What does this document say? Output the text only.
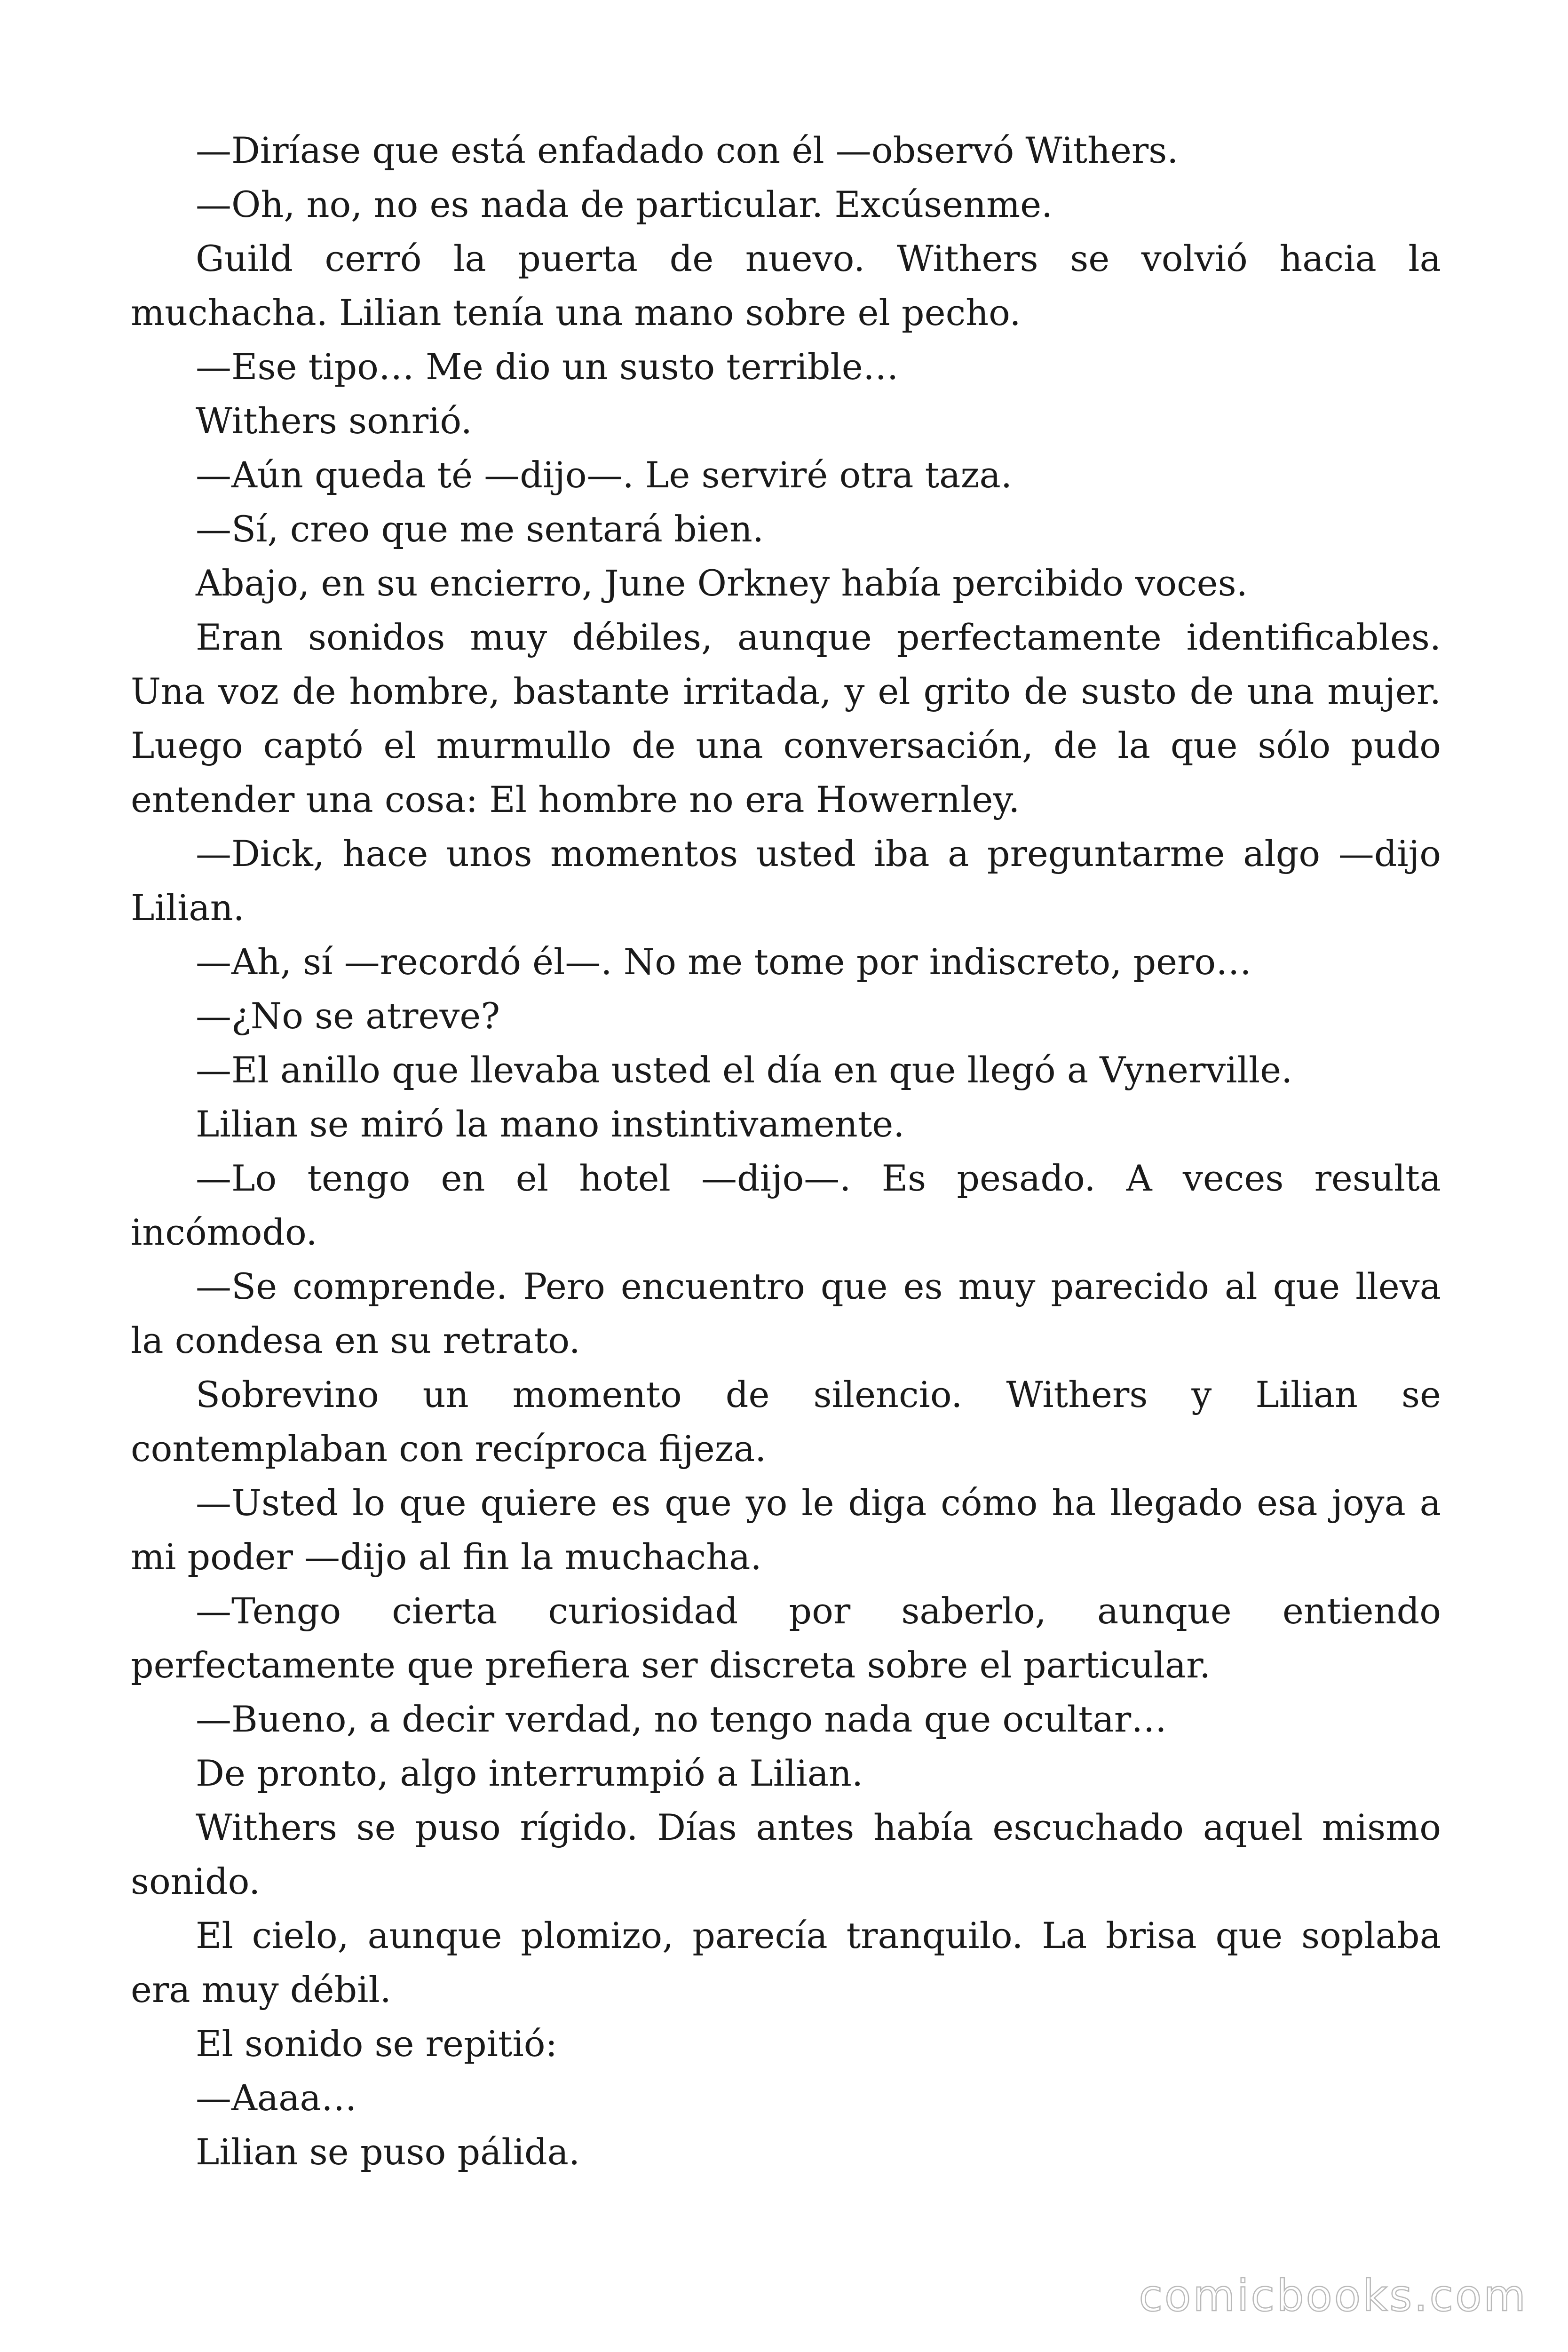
—Diríase que está enfadado con él —observó Withers.

—Oh, no, no es nada de particular. Excúsenme.

Guild cerró la puerta de nuevo. Withers se volvió hacia la muchacha. Lilian tenía una mano sobre el pecho.

—Ese tipo… Me dio un susto terrible…

Withers sonrió.

—Aún queda té —dijo—. Le serviré otra taza.

—Sí, creo que me sentará bien.

Abajo, en su encierro, June Orkney había percibido voces.

Eran sonidos muy débiles, aunque perfectamente identificables. Una voz de hombre, bastante irritada, y el grito de susto de una mujer. Luego captó el murmullo de una conversación, de la que sólo pudo entender una cosa: El hombre no era Howernley.

—Dick, hace unos momentos usted iba a preguntarme algo —dijo Lilian.

—Ah, sí —recordó él—. No me tome por indiscreto, pero…

—¿No se atreve?

—El anillo que llevaba usted el día en que llegó a Vynerville.

Lilian se miró la mano instintivamente.

—Lo tengo en el hotel —dijo—. Es pesado. A veces resulta incómodo.

—Se comprende. Pero encuentro que es muy parecido al que lleva la condesa en su retrato.

Sobrevino un momento de silencio. Withers y Lilian se contemplaban con recíproca fijeza.

—Usted lo que quiere es que yo le diga cómo ha llegado esa joya a mi poder —dijo al fin la muchacha.

—Tengo cierta curiosidad por saberlo, aunque entiendo perfectamente que prefiera ser discreta sobre el particular.

—Bueno, a decir verdad, no tengo nada que ocultar…

De pronto, algo interrumpió a Lilian.

Withers se puso rígido. Días antes había escuchado aquel mismo sonido.

El cielo, aunque plomizo, parecía tranquilo. La brisa que soplaba era muy débil.

El sonido se repitió:

—Aaaa…

Lilian se puso pálida.

comicbooks.com
